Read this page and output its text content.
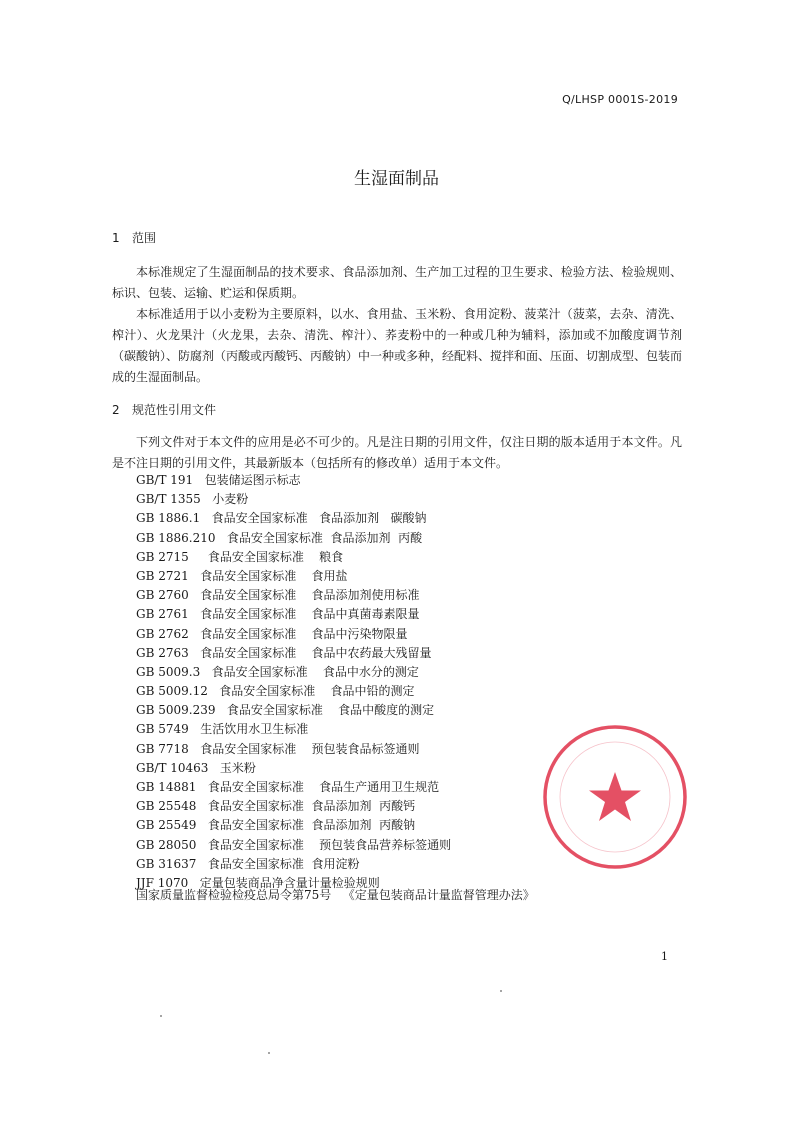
Q/LHSP 0001S-2019
生湿面制品
1 范围

本标准规定了生湿面制品的技术要求、食品添加剂、生产加工过程的卫生要求、检验方法、检验规则、标识、包装、运输、贮运和保质期。

本标准适用于以小麦粉为主要原料，以水、食用盐、玉米粉、食用淀粉、菠菜汁（菠菜，去杂、清洗、榨汁）、火龙果汁（火龙果，去杂、清洗、榨汁）、荞麦粉中的一种或几种为辅料，添加或不加酸度调节剂（碳酸钠）、防腐剂（丙酸或丙酸钙、丙酸钠）中一种或多种，经配料、搅拌和面、压面、切割成型、包装而成的生湿面制品。

2 规范性引用文件

下列文件对于本文件的应用是必不可少的。凡是注日期的引用文件，仅注日期的版本适用于本文件。凡是不注日期的引用文件，其最新版本（包括所有的修改单）适用于本文件。

GB/T 191   包装储运图示标志
GB/T 1355   小麦粉
GB 1886.1   食品安全国家标准   食品添加剂   碳酸钠
GB 1886.210   食品安全国家标准  食品添加剂  丙酸
GB 2715     食品安全国家标准    粮食
GB 2721   食品安全国家标准    食用盐
GB 2760   食品安全国家标准    食品添加剂使用标准
GB 2761   食品安全国家标准    食品中真菌毒素限量
GB 2762   食品安全国家标准    食品中污染物限量
GB 2763   食品安全国家标准    食品中农药最大残留量
GB 5009.3   食品安全国家标准    食品中水分的测定
GB 5009.12   食品安全国家标准    食品中铅的测定
GB 5009.239   食品安全国家标准    食品中酸度的测定
GB 5749   生活饮用水卫生标准
GB 7718   食品安全国家标准    预包装食品标签通则
GB/T 10463   玉米粉
GB 14881   食品安全国家标准    食品生产通用卫生规范
GB 25548   食品安全国家标准  食品添加剂  丙酸钙
GB 25549   食品安全国家标准  食品添加剂  丙酸钠
GB 28050   食品安全国家标准    预包装食品营养标签通则
GB 31637   食品安全国家标准  食用淀粉
JJF 1070   定量包装商品净含量计量检验规则
国家质量监督检验检疫总局令第75号   《定量包装商品计量监督管理办法》
1
